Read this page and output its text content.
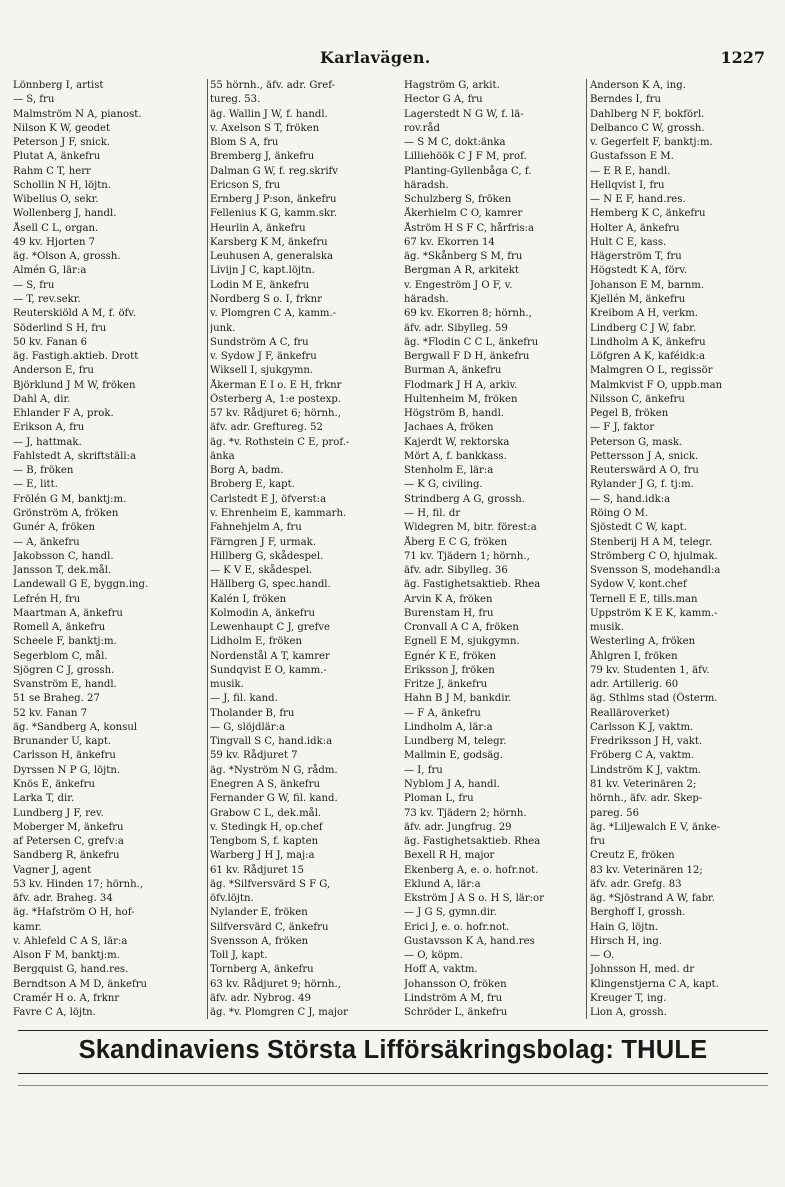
Karlavägen.	1227
Lönnberg I, artist
— S, fru
Malmström N A, pianost.
Nilson K W, geodet
Peterson J F, snick.
Plutat A, änkefru
Rahm C T, herr
Schollin N H, löjtn.
Wibelius O, sekr.
Wollenberg J, handl.
Åsell C L, organ.
49 kv. Hjorten 7
äg. *Olson A, grossh.
Almén G, lär:a
— S, fru
— T, rev.sekr.
Reuterskiöld A M, f. öfv.
Söderlind S H, fru
50 kv. Fanan 6
äg. Fastigh.aktieb. Drott
Anderson E, fru
Björklund J M W, fröken
Dahl A, dir.
Ehlander F A, prok.
Erikson A, fru
— J, hattmak.
Fahlstedt A, skriftställ:a
— B, fröken
— E, litt.
Frölén G M, banktj:m.
Grönström A, fröken
Gunér A, fröken
— A, änkefru
Jakobsson C, handl.
Jansson T, dek.mål.
Landewall G E, byggn.ing.
Lefrén H, fru
Maartman A, änkefru
Romell A, änkefru
Scheele F, banktj:m.
Segerblom C, mål.
Sjögren C J, grossh.
Svanström E, handl.
51 se Braheg. 27
52 kv. Fanan 7
äg. *Sandberg A, konsul
Brunander U, kapt.
Carlsson H, änkefru
Dyrssen N P G, löjtn.
Knös E, änkefru
Larka T, dir.
Lundberg J F, rev.
Moberger M, änkefru
af Petersen C, grefv:a
Sandberg R, änkefru
Vagner J, agent
53 kv. Hinden 17; hörnh.,
äfv. adr. Braheg. 34
äg. *Hafström O H, hof-
kamr.
v. Ahlefeld C A S, lär:a
Alson F M, banktj:m.
Bergquist G, hand.res.
Berndtson A M D, änkefru
Cramér H o. A, frknr
Favre C A, löjtn.
55 hörnh., äfv. adr. Gref-
tureg. 53.
äg. Wallin J W, f. handl.
v. Axelson S T, fröken
Blom S A, fru
Bremberg J, änkefru
Dalman G W, f. reg.skrifv
Ericson S, fru
Ernberg J P:son, änkefru
Fellenius K G, kamm.skr.
Heurlin A, änkefru
Karsberg K M, änkefru
Leuhusen A, generalska
Livijn J C, kapt.löjtn.
Lodin M E, änkefru
Nordberg S o. I, frknr
v. Plomgren C A, kamm.-
junk.
Sundström A C, fru
v. Sydow J F, änkefru
Wiksell I, sjukgymn.
Åkerman E I o. E H, frknr
Österberg A, 1:e postexp.
57 kv. Rådjuret 6; hörnh.,
äfv. adr. Greftureg. 52
äg. *v. Rothstein C E, prof.-
änka
Borg A, badm.
Broberg E, kapt.
Carlstedt E J, öfverst:a
v. Ehrenheim E, kammarh.
Fahnehjelm A, fru
Färngren J F, urmak.
Hillberg G, skådespel.
— K V E, skådespel.
Hällberg G, spec.handl.
Kalén I, fröken
Kolmodin A, änkefru
Lewenhaupt C J, grefve
Lidholm E, fröken
Nordenstål A T, kamrer
Sundqvist E O, kamm.-
musik.
— J, fil. kand.
Tholander B, fru
— G, slöjdlär:a
Tingvall S C, hand.idk:a
59 kv. Rådjuret 7
äg. *Nyström N G, rådm.
Enegren A S, änkefru
Fernander G W, fil. kand.
Grabow C L, dek.mål.
v. Stedingk H, op.chef
Tengbom S, f. kapten
Warberg J H J, maj:a
61 kv. Rådjuret 15
äg. *Silfversvärd S F G,
öfv.löjtn.
Nylander E, fröken
Silfversvärd C, änkefru
Svensson A, fröken
Toll J, kapt.
Tornberg A, änkefru
63 kv. Rådjuret 9; hörnh.,
äfv. adr. Nybrog. 49
äg. *v. Plomgren C J, major
Hagström G, arkit.
Hector G A, fru
Lagerstedt N G W, f. lä-
rov.råd
— S M C, dokt:änka
Lilliehöök C J F M, prof.
Planting-Gyllenbåga C, f.
häradsh.
Schulzberg S, fröken
Åkerhielm C O, kamrer
Åström H S F C, hårfris:a
67 kv. Ekorren 14
äg. *Skånberg S M, fru
Bergman A R, arkitekt
v. Engeström J O F, v.
häradsh.
69 kv. Ekorren 8; hörnh.,
äfv. adr. Sibylleg. 59
äg. *Flodin C C L, änkefru
Bergwall F D H, änkefru
Burman A, änkefru
Flodmark J H A, arkiv.
Hultenheim M, fröken
Högström B, handl.
Jachaes A, fröken
Kajerdt W, rektorska
Mört A, f. bankkass.
Stenholm E, lär:a
— K G, civiling.
Strindberg A G, grossh.
— H, fil. dr
Widegren M, bitr. förest:a
Åberg E C G, fröken
71 kv. Tjädern 1; hörnh.,
äfv. adr. Sibylleg. 36
äg. Fastighetsaktieb. Rhea
Arvin K A, fröken
Burenstam H, fru
Cronvall A C A, fröken
Egnell E M, sjukgymn.
Egnér K E, fröken
Eriksson J, fröken
Fritze J, änkefru
Hahn B J M, bankdir.
— F A, änkefru
Lindholm A, lär:a
Lundberg M, telegr.
Mallmin E, godsäg.
— I, fru
Nyblom J A, handl.
Ploman L, fru
73 kv. Tjädern 2; hörnh.
äfv. adr. Jungfrug. 29
äg. Fastighetsaktieb. Rhea
Bexell R H, major
Ekenberg A, e. o. hofr.not.
Eklund A, lär:a
Ekström J A S o. H S, lär:or
— J G S, gymn.dir.
Erici J, e. o. hofr.not.
Gustavsson K A, hand.res
— O, köpm.
Hoff A, vaktm.
Johansson O, fröken
Lindström A M, fru
Schröder L, änkefru
Anderson K A, ing.
Berndes I, fru
Dahlberg N F, bokförl.
Delbanco C W, grossh.
v. Gegerfelt F, banktj:m.
Gustafsson E M.
— E R E, handl.
Hellqvist I, fru
— N E F, hand.res.
Hemberg K C, änkefru
Holter A, änkefru
Hult C E, kass.
Hägerström T, fru
Högstedt K A, förv.
Johanson E M, barnm.
Kjellén M, änkefru
Kreibom A H, verkm.
Lindberg C J W, fabr.
Lindholm A K, änkefru
Löfgren A K, kaféidk:a
Malmgren O L, regissör
Malmkvist F O, uppb.man
Nilsson C, änkefru
Pegel B, fröken
— F J, faktor
Peterson G, mask.
Pettersson J A, snick.
Reuterswärd A O, fru
Rylander J G, f. tj:m.
— S, hand.idk:a
Röing O M.
Sjöstedt C W, kapt.
Stenberij H A M, telegr.
Strömberg C O, hjulmak.
Svensson S, modehandl:a
Sydow V, kont.chef
Ternell E E, tills.man
Uppström K E K, kamm.-
musik.
Westerling A, fröken
Åhlgren I, fröken
79 kv. Studenten 1, äfv.
adr. Artillerig. 60
äg. Sthlms stad (Österm.
Realläroverket)
Carlsson K J, vaktm.
Fredriksson J H, vakt.
Fröberg C A, vaktm.
Lindström K J, vaktm.
81 kv. Veterinären 2;
hörnh., äfv. adr. Skep-
pareg. 56
äg. *Liljewalch E V, änke-
fru
Creutz E, fröken
83 kv. Veterinären 12;
äfv. adr. Grefg. 83
äg. *Sjöstrand A W, fabr.
Berghoff I, grossh.
Hain G, löjtn.
Hirsch H, ing.
— O.
Johnsson H, med. dr
Klingenstjerna C A, kapt.
Kreuger T, ing.
Lion A, grossh.
Skandinaviens Största Lifförsäkringsbolag: THULE
